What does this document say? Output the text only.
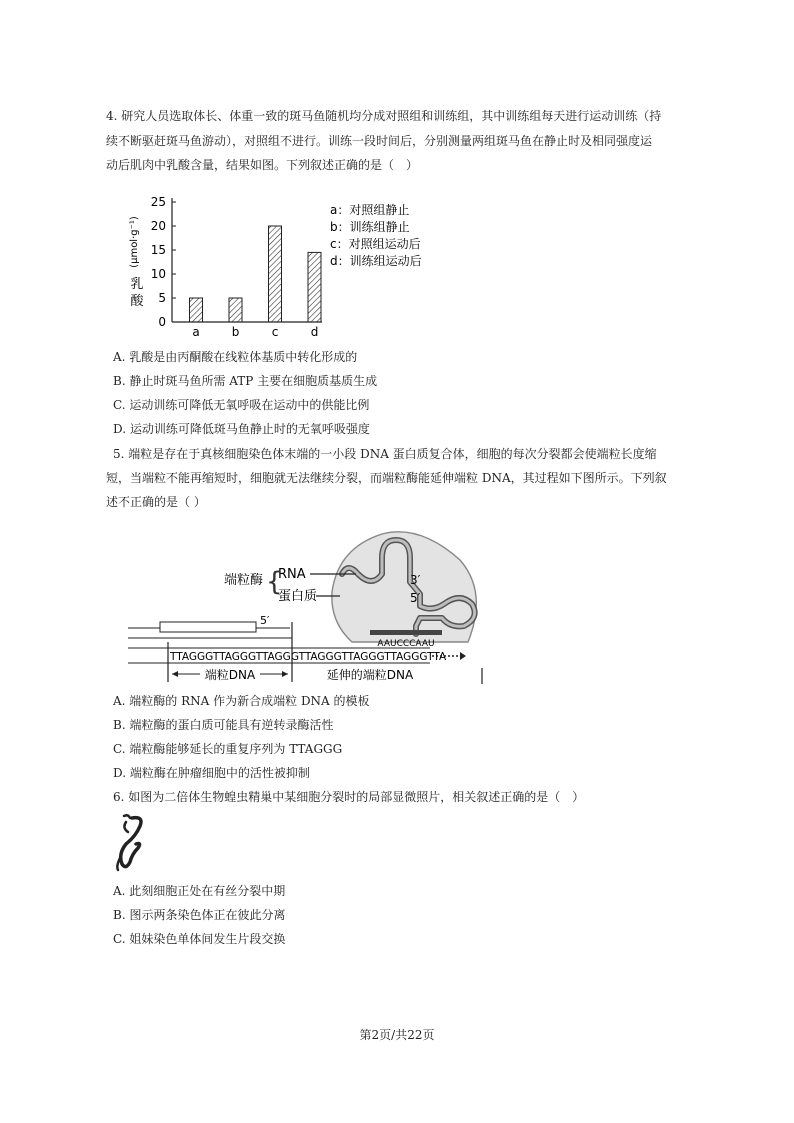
4. 研究人员选取体长、体重一致的斑马鱼随机均分成对照组和训练组，其中训练组每天进行运动训练（持
续不断驱赶斑马鱼游动），对照组不进行。训练一段时间后，分别测量两组斑马鱼在静止时及相同强度运
动后肌肉中乳酸含量，结果如图。下列叙述正确的是（　）
乳
酸
(μmol·g⁻¹)
0
5
10
15
20
25
a	b	c	d
a：对照组静止
b：训练组静止
c：对照组运动后
d：训练组运动后
A. 乳酸是由丙酮酸在线粒体基质中转化形成的
B. 静止时斑马鱼所需 ATP 主要在细胞质基质生成
C. 运动训练可降低无氧呼吸在运动中的供能比例
D. 运动训练可降低斑马鱼静止时的无氧呼吸强度
5. 端粒是存在于真核细胞染色体末端的一小段 DNA 蛋白质复合体，细胞的每次分裂都会使端粒长度缩
短，当端粒不能再缩短时，细胞就无法继续分裂，而端粒酶能延伸端粒 DNA，其过程如下图所示。下列叙
述不正确的是（ ）
AAUCCCAAU
3′
5′
端粒酶 {
RNA
蛋白质
5′
TTAGGGTTAGGGTTAGGGTTAGGGTTAGGGTTAGGGTTA
端粒DNA	延伸的端粒DNA
A. 端粒酶的 RNA 作为新合成端粒 DNA 的模板
B. 端粒酶的蛋白质可能具有逆转录酶活性
C. 端粒酶能够延长的重复序列为 TTAGGG
D. 端粒酶在肿瘤细胞中的活性被抑制
6. 如图为二倍体生物蝗虫精巢中某细胞分裂时的局部显微照片，相关叙述正确的是（　）
A. 此刻细胞正处在有丝分裂中期
B. 图示两条染色体正在彼此分离
C. 姐妹染色单体间发生片段交换
第2页/共22页
